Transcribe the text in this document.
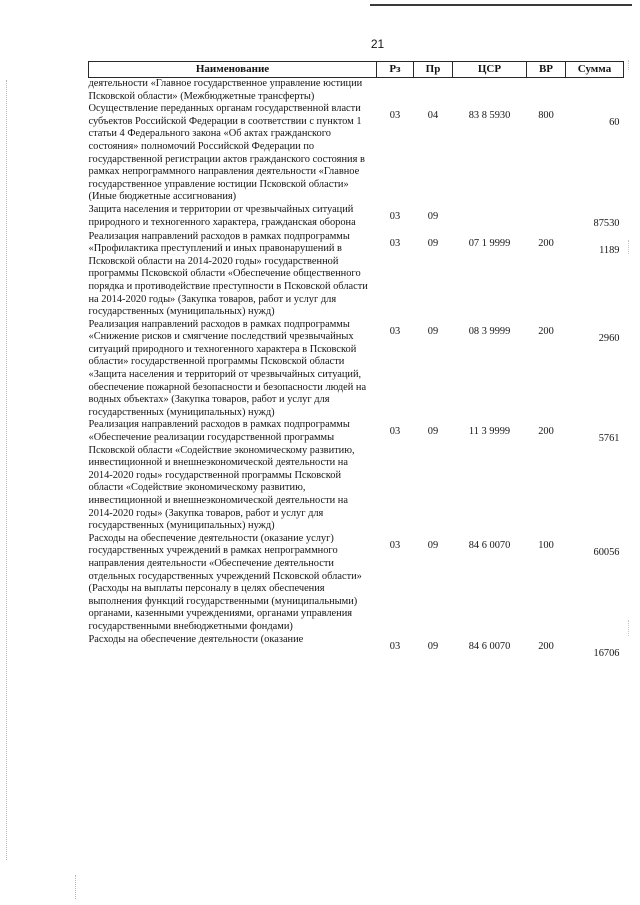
21
Наименование	Рз	Пр	ЦСР	ВР	Сумма
деятельности «Главное государственное управление юстиции Псковской области» (Межбюджетные трансферты)					
Осуществление переданных органам государственной власти субъектов Российской Федерации в соответствии с пунктом 1 статьи 4 Федерального закона «Об актах гражданского состояния» полномочий Российской Федерации по государственной регистрации актов гражданского состояния в рамках непрограммного направления деятельности «Главное государственное управление юстиции Псковской области» (Иные бюджетные ассигнования)	03	04	83 8 5930	800	60
Защита населения и территории от чрезвычайных ситуаций природного и техногенного характера, гражданская оборона	03	09			87530
Реализация направлений расходов в рамках подпрограммы «Профилактика преступлений и иных правонарушений в Псковской области на 2014-2020 годы» государственной программы Псковской области «Обеспечение общественного порядка и противодействие преступности в Псковской области на 2014-2020 годы» (Закупка товаров, работ и услуг для государственных (муниципальных) нужд)	03	09	07 1 9999	200	1189
Реализация направлений расходов в рамках подпрограммы «Снижение рисков и смягчение последствий чрезвычайных ситуаций природного и техногенного характера в Псковской области» государственной программы Псковской области «Защита населения и территорий от чрезвычайных ситуаций, обеспечение пожарной безопасности и безопасности людей на водных объектах» (Закупка товаров, работ и услуг для государственных (муниципальных) нужд)	03	09	08 3 9999	200	2960
Реализация направлений расходов в рамках подпрограммы «Обеспечение реализации государственной программы Псковской области «Содействие экономическому развитию, инвестиционной и внешнеэкономической деятельности на 2014-2020 годы» государственной программы Псковской области «Содействие экономическому развитию, инвестиционной и внешнеэкономической деятельности на 2014-2020 годы» (Закупка товаров, работ и услуг для государственных (муниципальных) нужд)	03	09	11 3 9999	200	5761
Расходы на обеспечение деятельности (оказание услуг) государственных учреждений в рамках непрограммного направления деятельности «Обеспечение деятельности отдельных государственных учреждений Псковской области» (Расходы на выплаты персоналу в целях обеспечения выполнения функций государственными (муниципальными) органами, казенными учреждениями, органами управления государственными внебюджетными фондами)	03	09	84 6 0070	100	60056
Расходы на обеспечение деятельности (оказание	03	09	84 6 0070	200	16706
